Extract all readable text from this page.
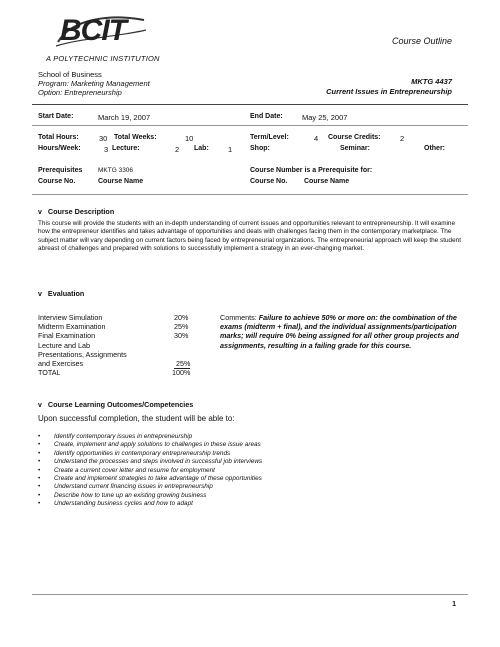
BCIT
A POLYTECHNIC INSTITUTION
Course Outline
School of Business
Program: Marketing Management
Option: Entrepreneurship
MKTG 4437
Current Issues in Entrepreneurship
Start Date:	March 19, 2007	End Date:	May 25, 2007
Total Hours:	30 Total Weeks:	10
Hours/Week:	3 Lecture:	2 Lab:	1
Term/Level:	4 Course Credits:	2
Shop:	Seminar:	Other:
Prerequisites MKTG 3306
Course No.	Course Name
Course Number is a Prerequisite for:
Course No. Course Name
v Course Description
This course will provide the students with an in-depth understanding of current issues and opportunities relevant to entrepreneurship. It will examine how the entrepreneur identifies and takes advantage of opportunities and deals with challenges facing them in the contemporary marketplace. The subject matter will vary depending on current factors being faced by entrepreneurial organizations. The entrepreneurial approach will keep the student abreast of challenges and prepared with solutions to successfully implement a strategy in an ever-changing market.
v Evaluation
Interview Simulation	20%
Midterm Examination	25%
Final Examination	30%
Lecture and Lab
Presentations, Assignments
and Exercises	25%
TOTAL	100%
Comments: Failure to achieve 50% or more on: the combination of the exams (midterm + final), and the individual assignments/participation marks; will require 0% being assigned for all other group projects and assignments, resulting in a failing grade for this course.
v Course Learning Outcomes/Competencies
Upon successful completion, the student will be able to:
• Identify contemporary issues in entrepreneurship
• Create, implement and apply solutions to challenges in these issue areas
• Identify opportunities in contemporary entrepreneurship trends
• Understand the processes and steps involved in successful job interviews
• Create a current cover letter and resume for employment
• Create and implement strategies to take advantage of these opportunities
• Understand current financing issues in entrepreneurship
• Describe how to tune up an existing growing business
• Understanding business cycles and how to adapt
1
